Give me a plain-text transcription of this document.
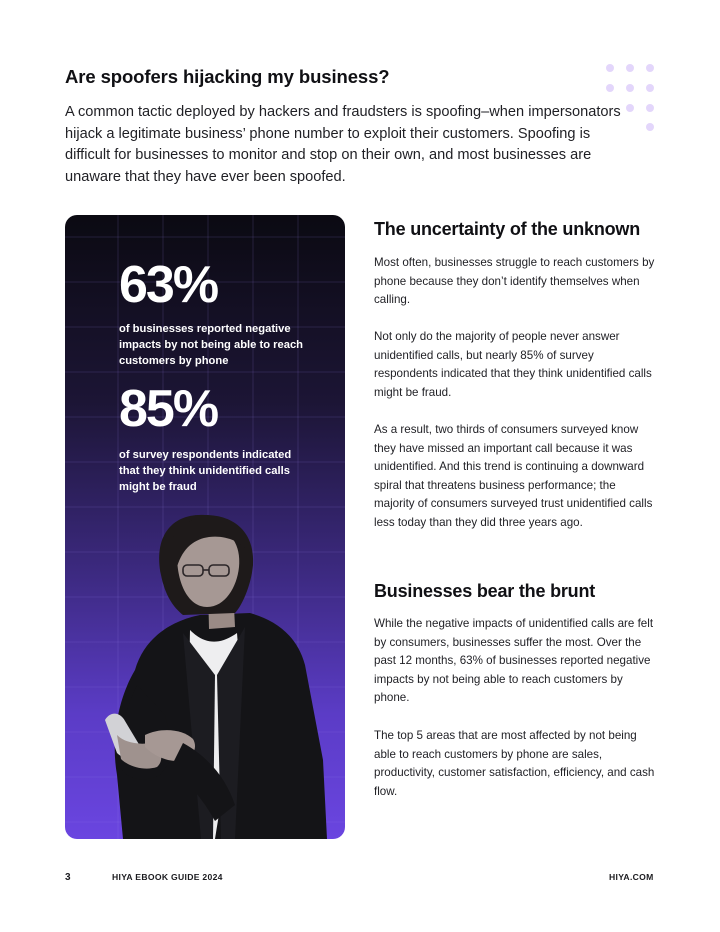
Are spoofers hijacking my business?

A common tactic deployed by hackers and fraudsters is spoofing–when impersonators hijack a legitimate business’ phone number to exploit their customers. Spoofing is difficult for businesses to monitor and stop on their own, and most businesses are unaware that they have ever been spoofed.

63%

of businesses reported negative impacts by not being able to reach customers by phone

85%

of survey respondents indicated that they think unidentified calls might be fraud

The uncertainty of the unknown

Most often, businesses struggle to reach customers by phone because they don’t identify themselves when calling.

Not only do the majority of people never answer unidentified calls, but nearly 85% of survey respondents indicated that they think unidentified calls might be fraud.

As a result, two thirds of consumers surveyed know they have missed an important call because it was unidentified. And this trend is continuing a downward spiral that threatens business performance; the majority of consumers surveyed trust unidentified calls less today than they did three years ago.

Businesses bear the brunt

While the negative impacts of unidentified calls are felt by consumers, businesses suffer the most. Over the past 12 months, 63% of businesses reported negative impacts by not being able to reach customers by phone.

The top 5 areas that are most affected by not being able to reach customers by phone are sales, productivity, customer satisfaction, efficiency, and cash flow.

3	HIYA EBOOK GUIDE 2024	HIYA.COM
